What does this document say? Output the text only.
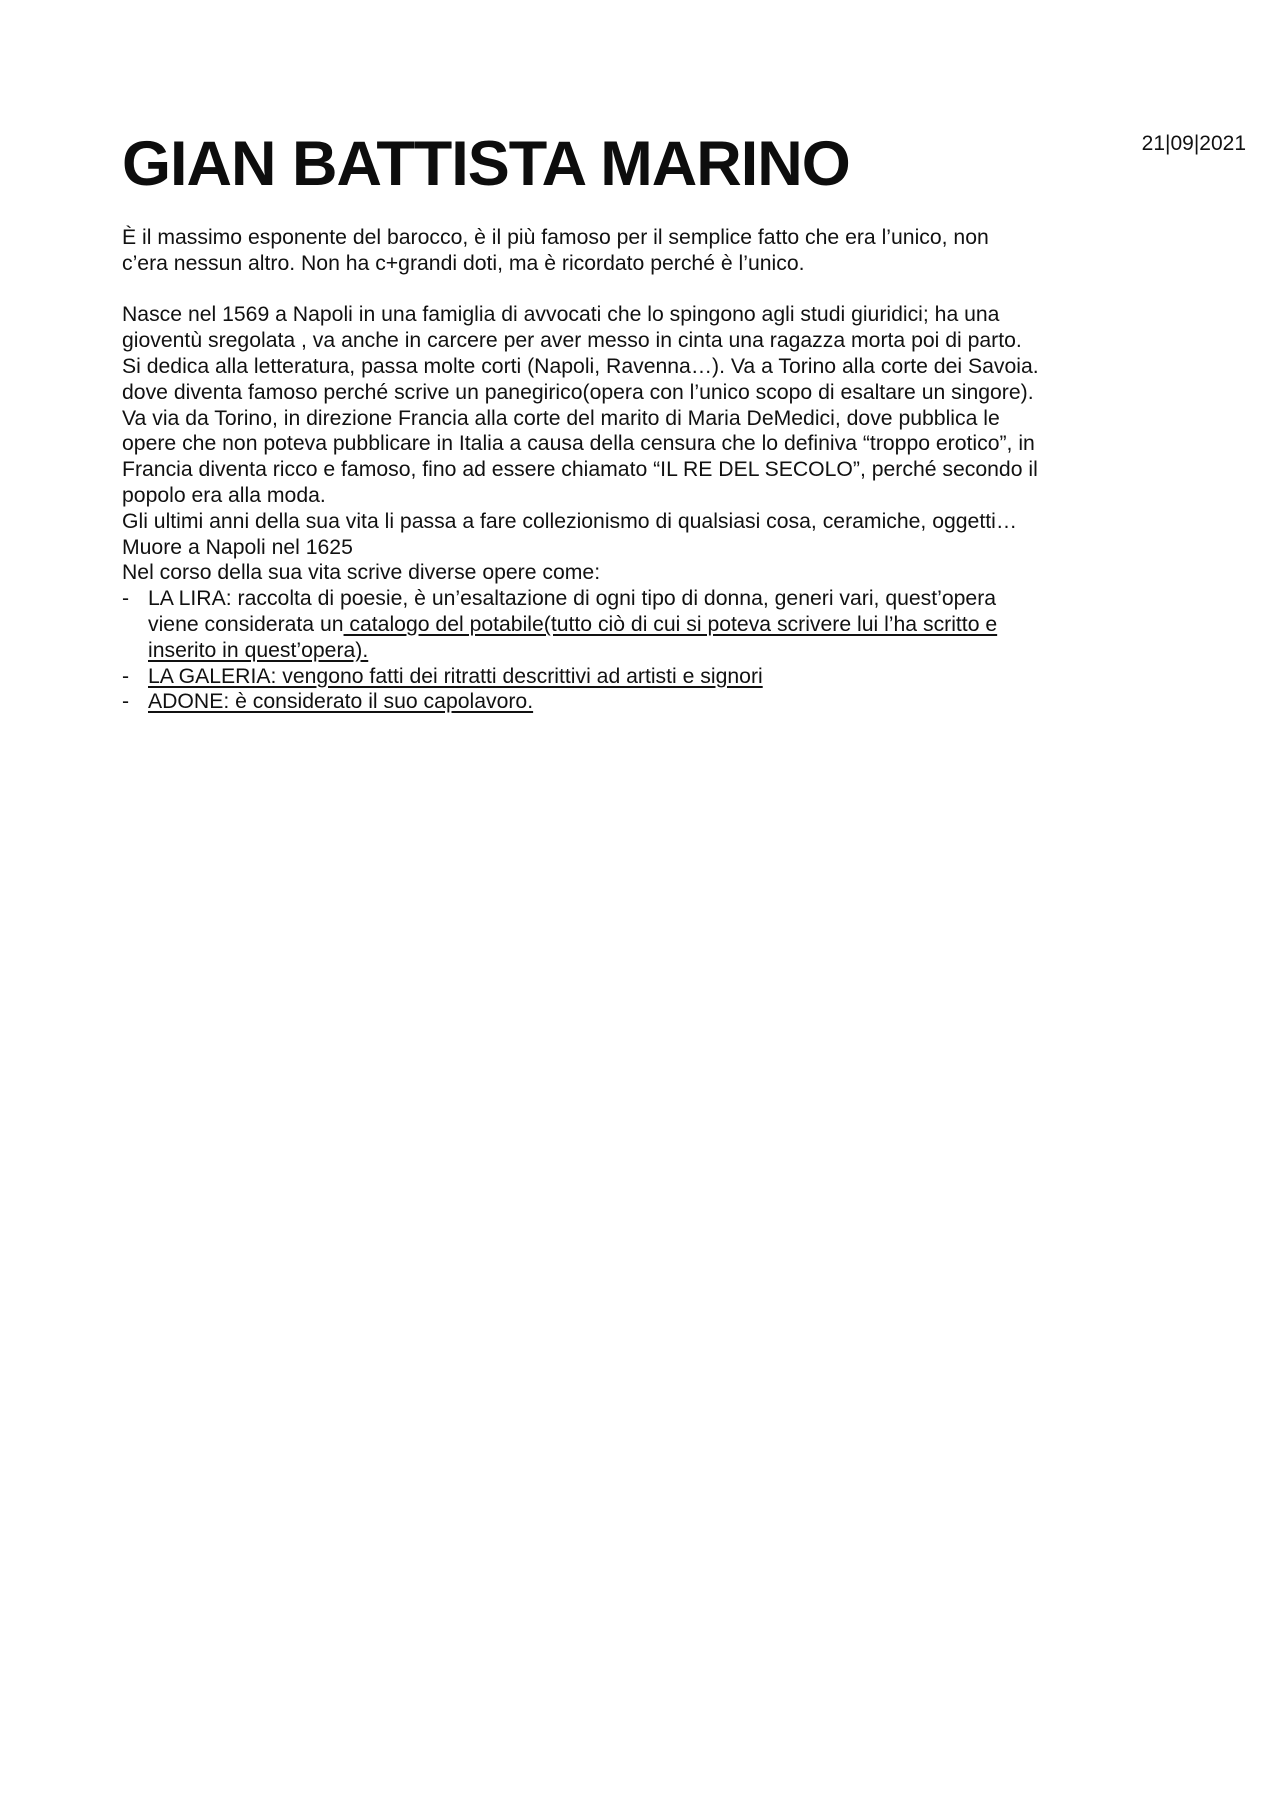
GIAN BATTISTA MARINO	21|09|2021

È il massimo esponente del barocco, è il più famoso per il semplice fatto che era l’unico, non

c’era nessun altro. Non ha c+grandi doti, ma è ricordato perché è l’unico.

Nasce nel 1569 a Napoli in una famiglia di avvocati che lo spingono agli studi giuridici; ha una

gioventù sregolata , va anche in carcere per aver messo in cinta una ragazza morta poi di parto.

Si dedica alla letteratura, passa molte corti (Napoli, Ravenna…). Va a Torino alla corte dei Savoia.

dove diventa famoso perché scrive un panegirico(opera con l’unico scopo di esaltare un singore).

Va via da Torino, in direzione Francia alla corte del marito di Maria DeMedici, dove pubblica le

opere che non poteva pubblicare in Italia a causa della censura che lo definiva “troppo erotico”, in

Francia diventa ricco e famoso, fino ad essere chiamato “IL RE DEL SECOLO”, perché secondo il

popolo era alla moda.

Gli ultimi anni della sua vita li passa a fare collezionismo di qualsiasi cosa, ceramiche, oggetti…

Muore a Napoli nel 1625

Nel corso della sua vita scrive diverse opere come:

- LA LIRA: raccolta di poesie, è un’esaltazione di ogni tipo di donna, generi vari, quest’opera
viene considerata un catalogo del potabile(tutto ciò di cui si poteva scrivere lui l’ha scritto e
inserito in quest’opera).
- LA GALERIA: vengono fatti dei ritratti descrittivi ad artisti e signori
- ADONE: è considerato il suo capolavoro.
